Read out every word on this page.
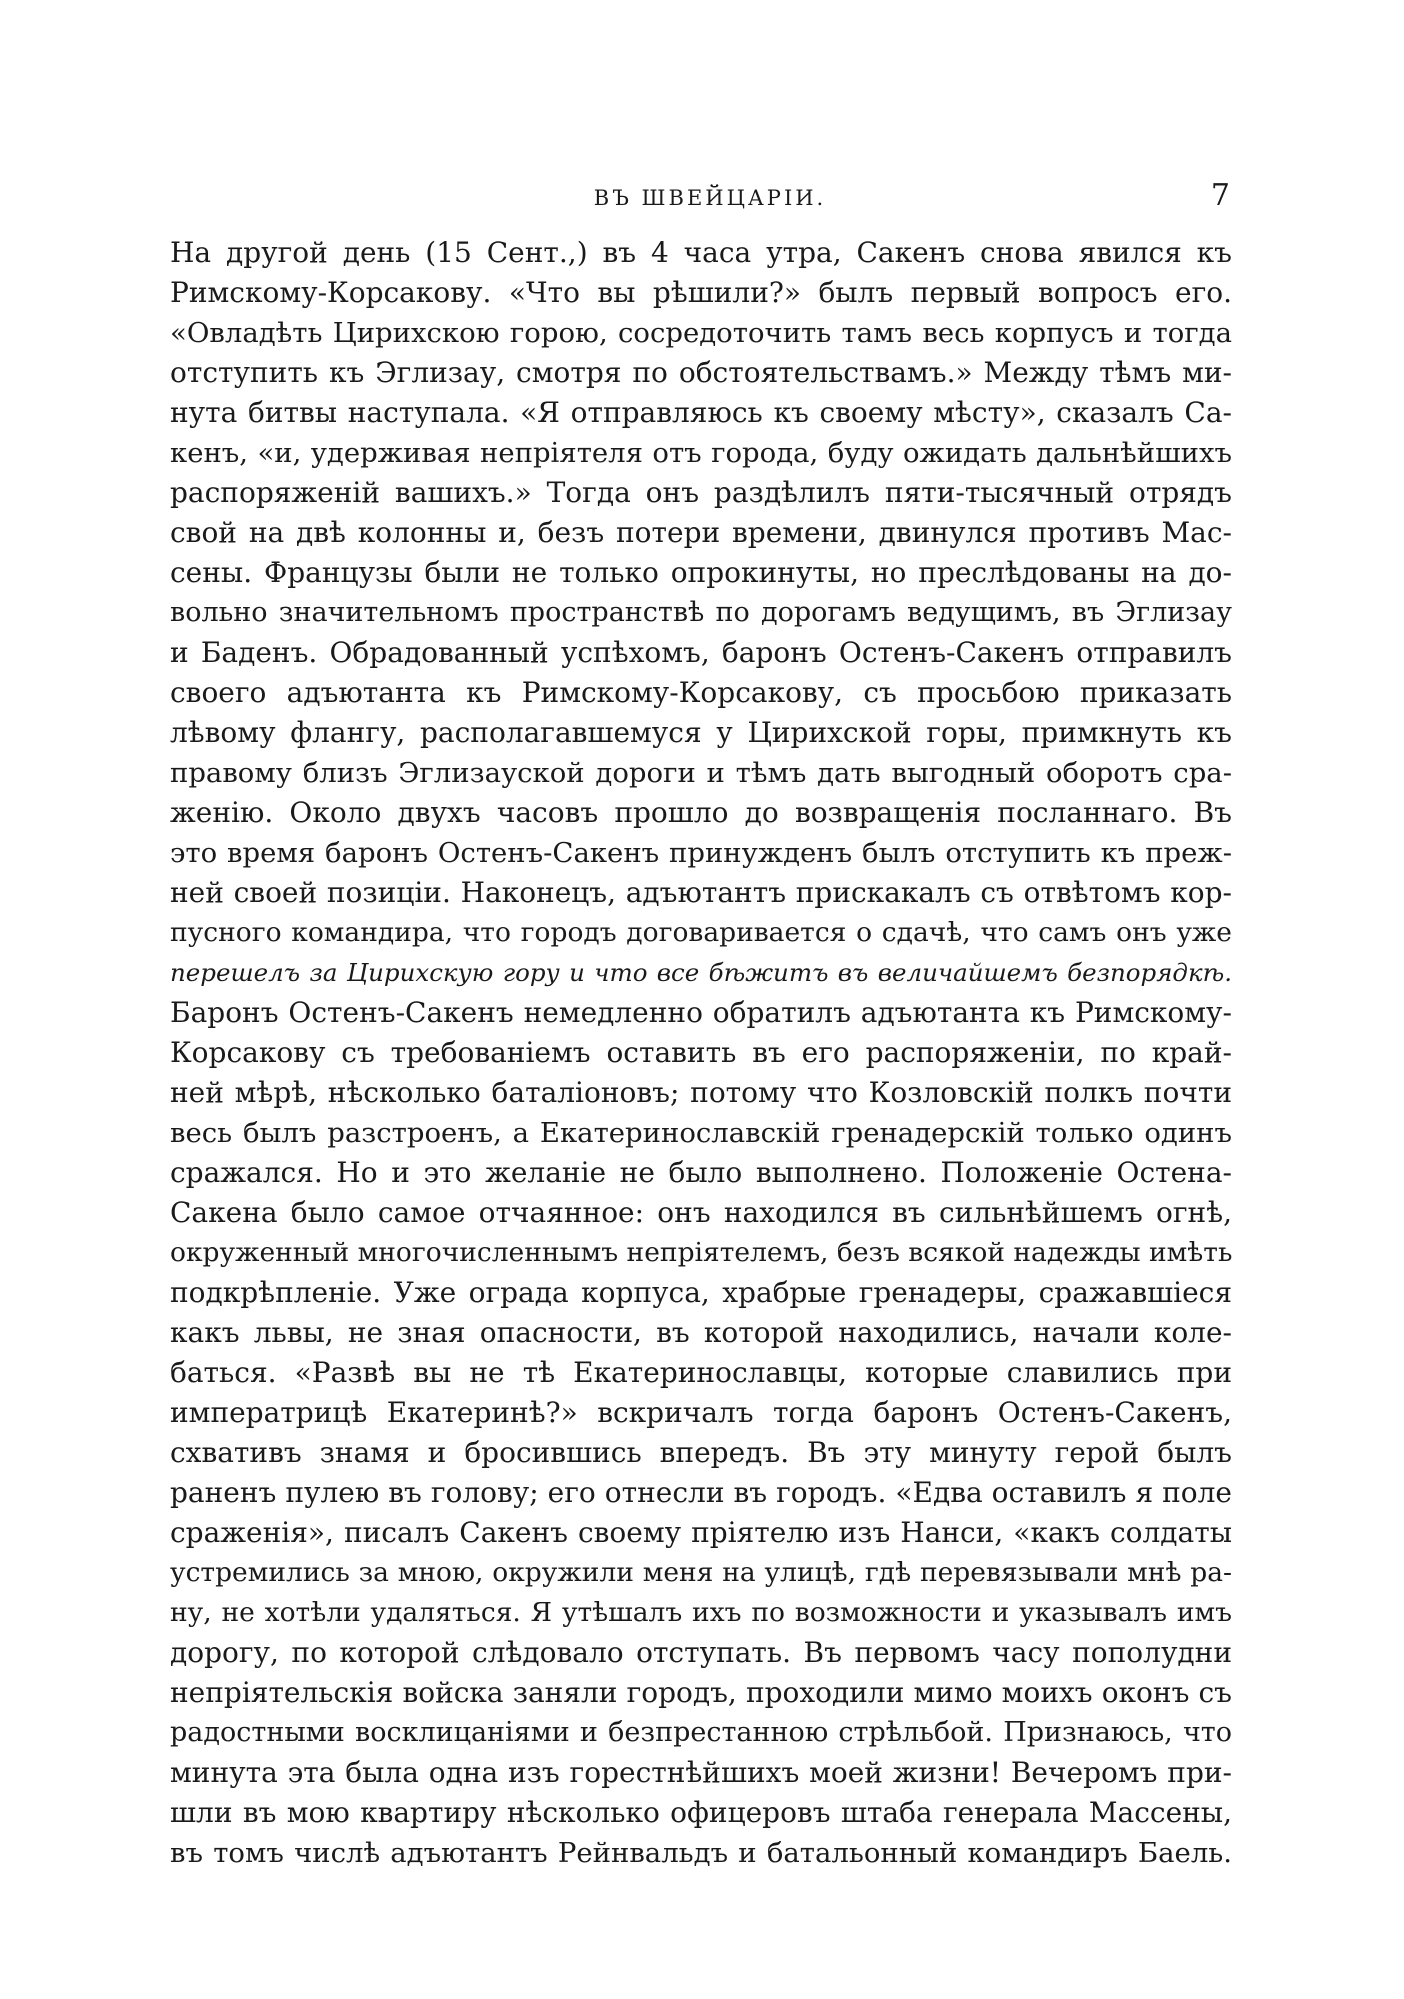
ВЪ ШВЕЙЦАРІИ.	7
На другой день (15 Сент.,) въ 4 часа утра, Сакенъ снова явился къ
Римскому-Корсакову. «Что вы рѣшили?» былъ первый вопросъ его.
«Овладѣть Цирихскою горою, сосредоточить тамъ весь корпусъ и тогда
отступить къ Эглизау, смотря по обстоятельствамъ.» Между тѣмъ ми-
нута битвы наступала. «Я отправляюсь къ своему мѣсту», сказалъ Са-
кенъ, «и, удерживая непріятеля отъ города, буду ожидать дальнѣйшихъ
распоряженій вашихъ.» Тогда онъ раздѣлилъ пяти-тысячный отрядъ
свой на двѣ колонны и, безъ потери времени, двинулся противъ Мас-
сены. Французы были не только опрокинуты, но преслѣдованы на до-
вольно значительномъ пространствѣ по дорогамъ ведущимъ, въ Эглизау
и Баденъ. Обрадованный успѣхомъ, баронъ Остенъ-Сакенъ отправилъ
своего адъютанта къ Римскому-Корсакову, съ просьбою приказать
лѣвому флангу, располагавшемуся у Цирихской горы, примкнуть къ
правому близъ Эглизауской дороги и тѣмъ дать выгодный оборотъ сра-
женію. Около двухъ часовъ прошло до возвращенія посланнаго. Въ
это время баронъ Остенъ-Сакенъ принужденъ былъ отступить къ преж-
ней своей позиціи. Наконецъ, адъютантъ прискакалъ съ отвѣтомъ кор-
пусного командира, что городъ договаривается о сдачѣ, что самъ онъ уже
перешелъ за Цирихскую гору и что все бѣжитъ въ величайшемъ безпорядкѣ.
Баронъ Остенъ-Сакенъ немедленно обратилъ адъютанта къ Римскому-
Корсакову съ требованіемъ оставить въ его распоряженіи, по край-
ней мѣрѣ, нѣсколько баталіоновъ; потому что Козловскій полкъ почти
весь былъ разстроенъ, а Екатеринославскій гренадерскій только одинъ
сражался. Но и это желаніе не было выполнено. Положеніе Остена-
Сакена было самое отчаянное: онъ находился въ сильнѣйшемъ огнѣ,
окруженный многочисленнымъ непріятелемъ, безъ всякой надежды имѣть
подкрѣпленіе. Уже ограда корпуса, храбрые гренадеры, сражавшіеся
какъ львы, не зная опасности, въ которой находились, начали коле-
баться. «Развѣ вы не тѣ Екатеринославцы, которые славились при
императрицѣ Екатеринѣ?» вскричалъ тогда баронъ Остенъ-Сакенъ,
схвативъ знамя и бросившись впередъ. Въ эту минуту герой былъ
раненъ пулею въ голову; его отнесли въ городъ. «Едва оставилъ я поле
сраженія», писалъ Сакенъ своему пріятелю изъ Нанси, «какъ солдаты
устремились за мною, окружили меня на улицѣ, гдѣ перевязывали мнѣ ра-
ну, не хотѣли удаляться. Я утѣшалъ ихъ по возможности и указывалъ имъ
дорогу, по которой слѣдовало отступать. Въ первомъ часу пополудни
непріятельскія войска заняли городъ, проходили мимо моихъ оконъ съ
радостными восклицаніями и безпрестанною стрѣльбой. Признаюсь, что
минута эта была одна изъ горестнѣйшихъ моей жизни! Вечеромъ при-
шли въ мою квартиру нѣсколько офицеровъ штаба генерала Массены,
въ томъ числѣ адъютантъ Рейнвальдъ и батальонный командиръ Баель.
